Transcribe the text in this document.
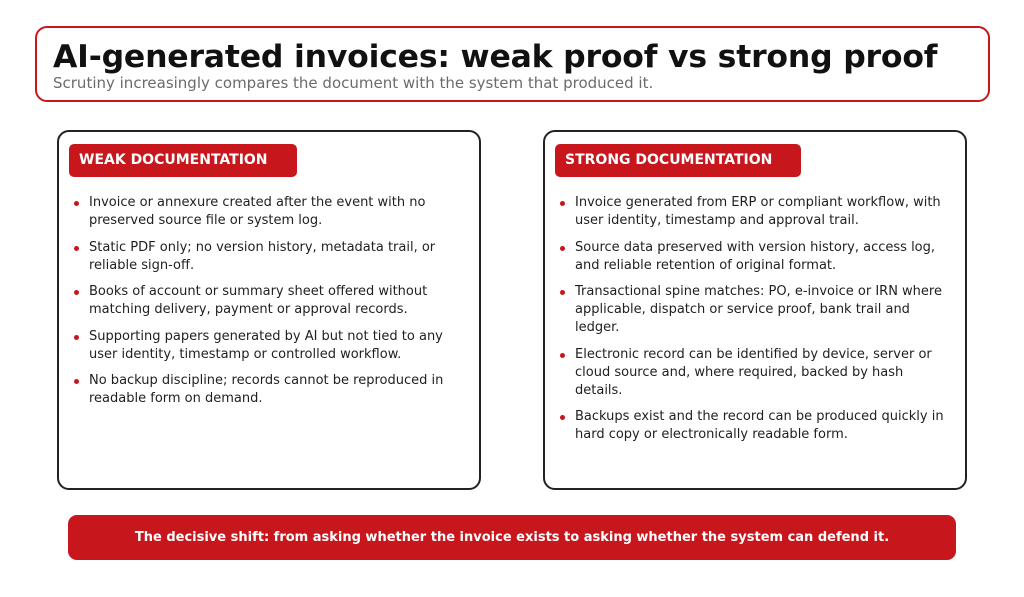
AI-generated invoices: weak proof vs strong proof
Scrutiny increasingly compares the document with the system that produced it.
WEAK DOCUMENTATION
Invoice or annexure created after the event with no preserved source file or system log.
Static PDF only; no version history, metadata trail, or reliable sign-off.
Books of account or summary sheet offered without matching delivery, payment or approval records.
Supporting papers generated by AI but not tied to any user identity, timestamp or controlled workflow.
No backup discipline; records cannot be reproduced in readable form on demand.
STRONG DOCUMENTATION
Invoice generated from ERP or compliant workflow, with user identity, timestamp and approval trail.
Source data preserved with version history, access log, and reliable retention of original format.
Transactional spine matches: PO, e-invoice or IRN where applicable, dispatch or service proof, bank trail and ledger.
Electronic record can be identified by device, server or cloud source and, where required, backed by hash details.
Backups exist and the record can be produced quickly in hard copy or electronically readable form.
The decisive shift: from asking whether the invoice exists to asking whether the system can defend it.
